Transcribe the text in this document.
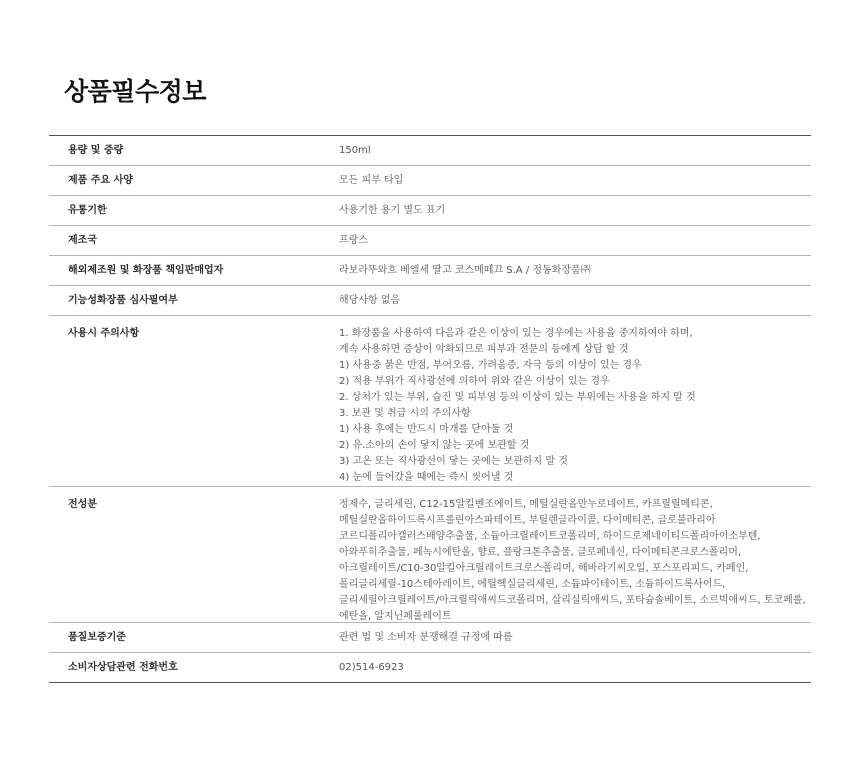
상품필수정보
용량 및 중량	150ml
제품 주요 사양	모든 피부 타입
유통기한	사용기한 용기 별도 표기
제조국	프랑스
해외제조원 및 화장품 책임판매업자	라보라뚜와흐 베엘세 딸고 코스메떼끄 S.A / 정동화장품㈜
기능성화장품 심사필여부	해당사항 없음
사용시 주의사항	1. 화장품을 사용하여 다음과 같은 이상이 있는 경우에는 사용을 중지하여야 하며,
계속 사용하면 증상이 악화되므로 피부과 전문의 등에게 상담 할 것
1) 사용중 붉은 반점, 부어오름, 가려움증, 자극 등의 이상이 있는 경우
2) 적용 부위가 직사광선에 의하여 위와 같은 이상이 있는 경우
2. 상처가 있는 부위, 습진 및 피부염 등의 이상이 있는 부위에는 사용을 하지 말 것
3. 보관 및 취급 시의 주의사항
1) 사용 후에는 반드시 마개를 닫아둘 것
2) 유.소아의 손이 닿지 않는 곳에 보관할 것
3) 고온 또는 직사광선이 닿는 곳에는 보관하지 말 것
4) 눈에 들어갔을 때에는 즉시 씻어낼 것
전성분	정제수, 글리세린, C12-15알킬벤조에이트, 메틸실란올만누로네이트, 카프릴릴메티콘,
메틸실란올하이드록시프롤린아스파테이트, 부틸렌글라이콜, 다이메티콘, 글로불라리아
코르디폴리아캘러스배양추출물, 소듐아크릴레이트코폴리머, 하이드로제네이티드폴리아이소부텐,
아와푸히추출물, 페녹시에탄올, 향료, 플랑크톤추출물, 클로페네신, 다이메티콘크로스폴리머,
아크릴레이트/C10-30알킬아크릴레이트크로스폴리머, 해바라기씨오일, 포스포리피드, 카페인,
폴리글리세릴-10스테아레이트, 에틸헥실글리세린, 소듐파이테이트, 소듐하이드록사이드,
글리세릴아크릴레이트/아크릴릭애씨드코폴리머, 살리실릭애씨드, 포타슘솔베이트, 소르빅애씨드, 토코페롤,
에탄올, 알지닌페룰레이트
품질보증기준	관련 법 및 소비자 분쟁해결 규정에 따름
소비자상담관련 전화번호	02)514-6923
